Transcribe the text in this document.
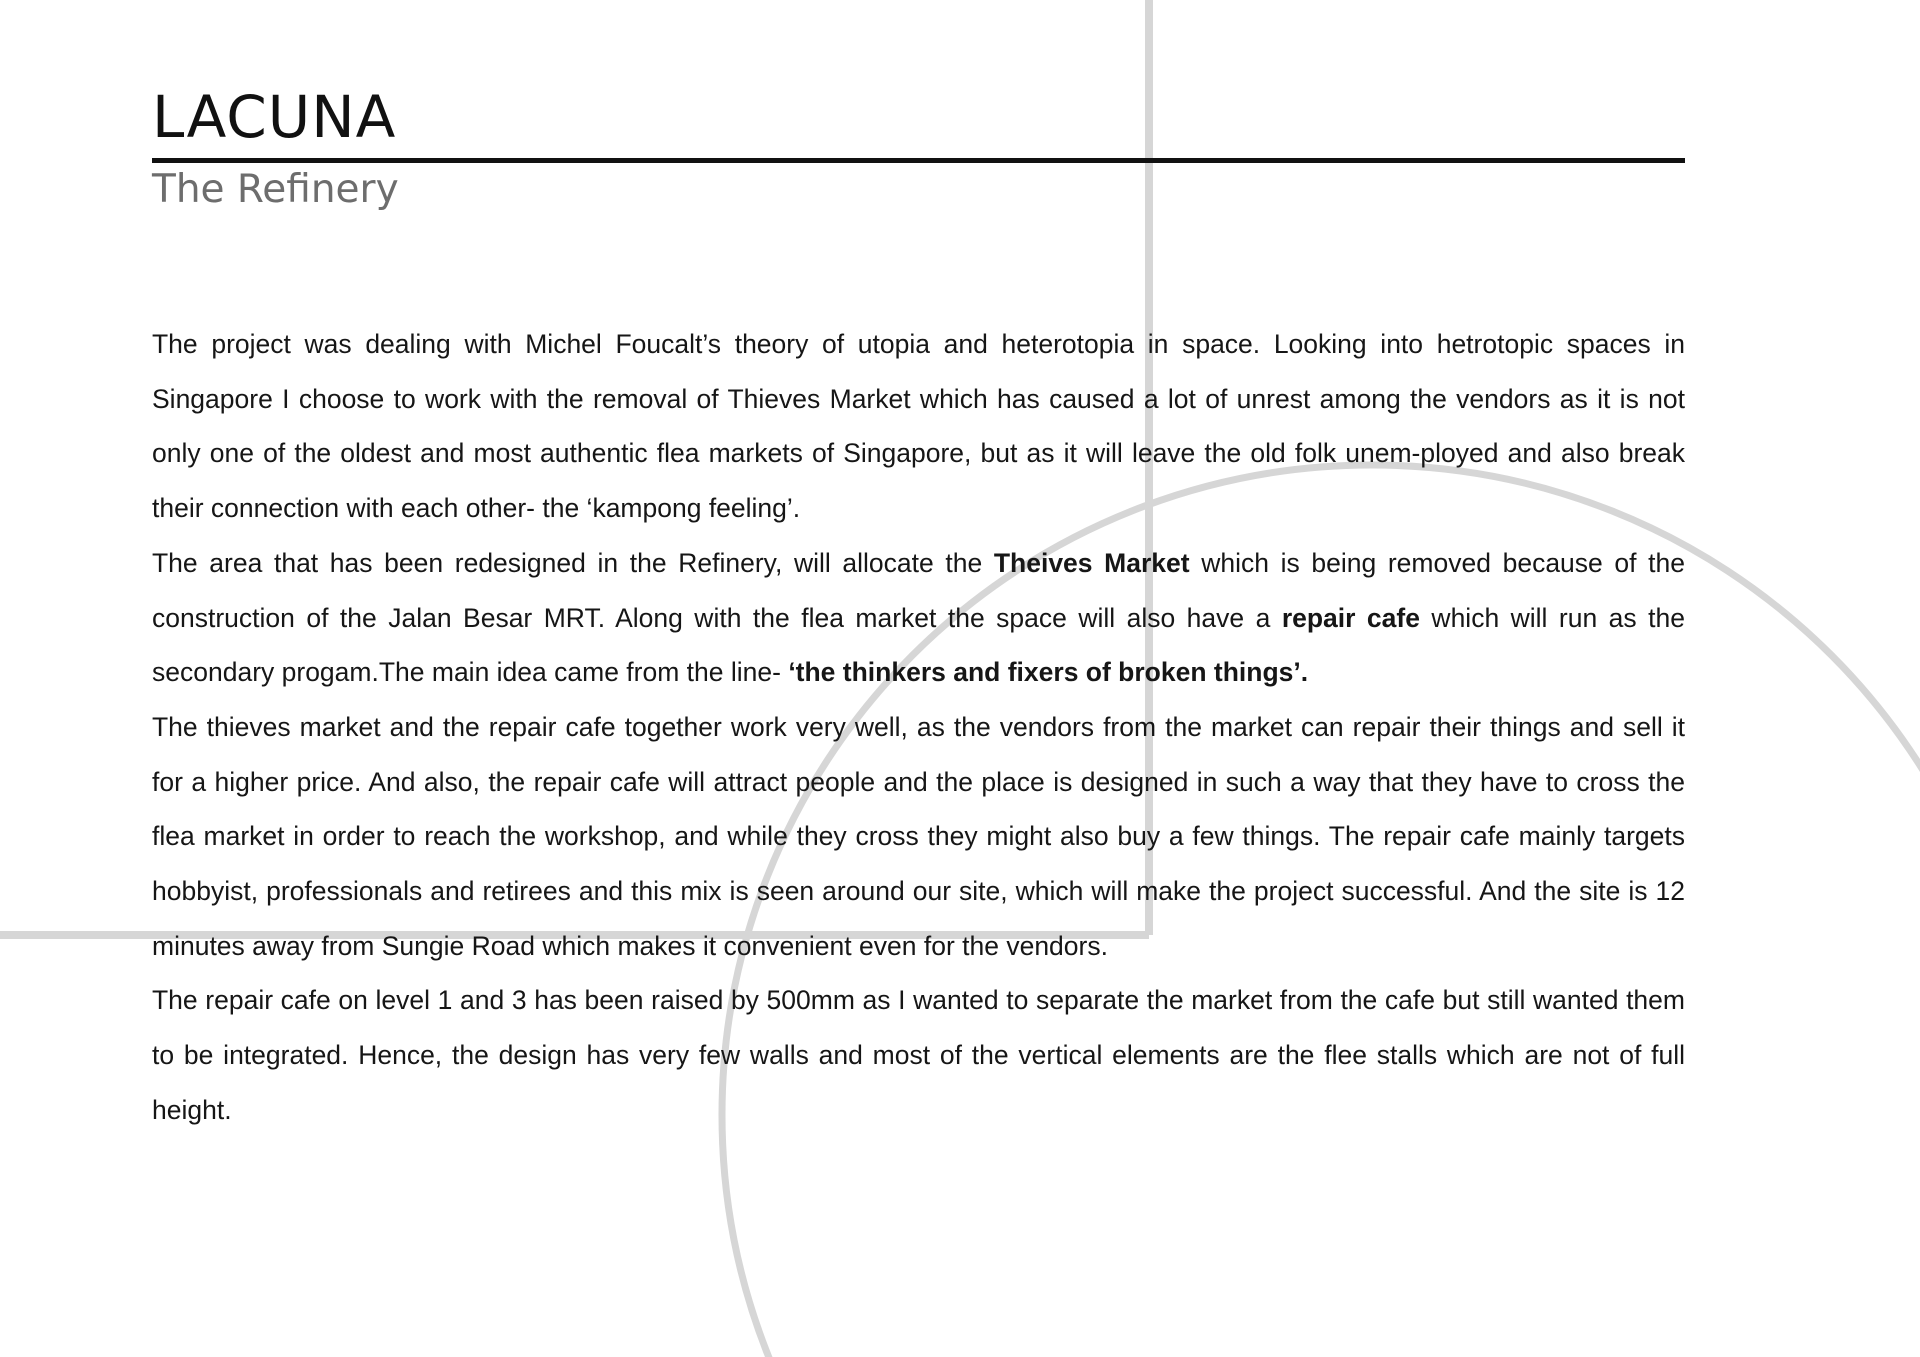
LACUNA
The Refinery

The project was dealing with Michel Foucalt’s theory of utopia and heterotopia in space. Looking into hetrotopic spaces in Singapore I choose to work with the removal of Thieves Market which has caused a lot of unrest among the vendors as it is not only one of the oldest and most authentic flea markets of Singapore, but as it will leave the old folk unem-ployed and also break their connection with each other- the ‘kampong feeling’.

The area that has been redesigned in the Refinery, will allocate the Theives Market which is being removed because of the construction of the Jalan Besar MRT. Along with the flea market the space will also have a repair cafe which will run as the secondary progam.The main idea came from the line- ‘the thinkers and fixers of broken things’.

The thieves market and the repair cafe together work very well, as the vendors from the market can repair their things and sell it for a higher price. And also, the repair cafe will attract people and the place is designed in such a way that they have to cross the flea market in order to reach the workshop, and while they cross they might also buy a few things. The repair cafe mainly targets hobbyist, professionals and retirees and this mix is seen around our site, which will make the project successful. And the site is 12 minutes away from Sungie Road which makes it convenient even for the vendors.

The repair cafe on level 1 and 3 has been raised by 500mm as I wanted to separate the market from the cafe but still wanted them to be integrated. Hence, the design has very few walls and most of the vertical elements are the flee stalls which are not of full height.
